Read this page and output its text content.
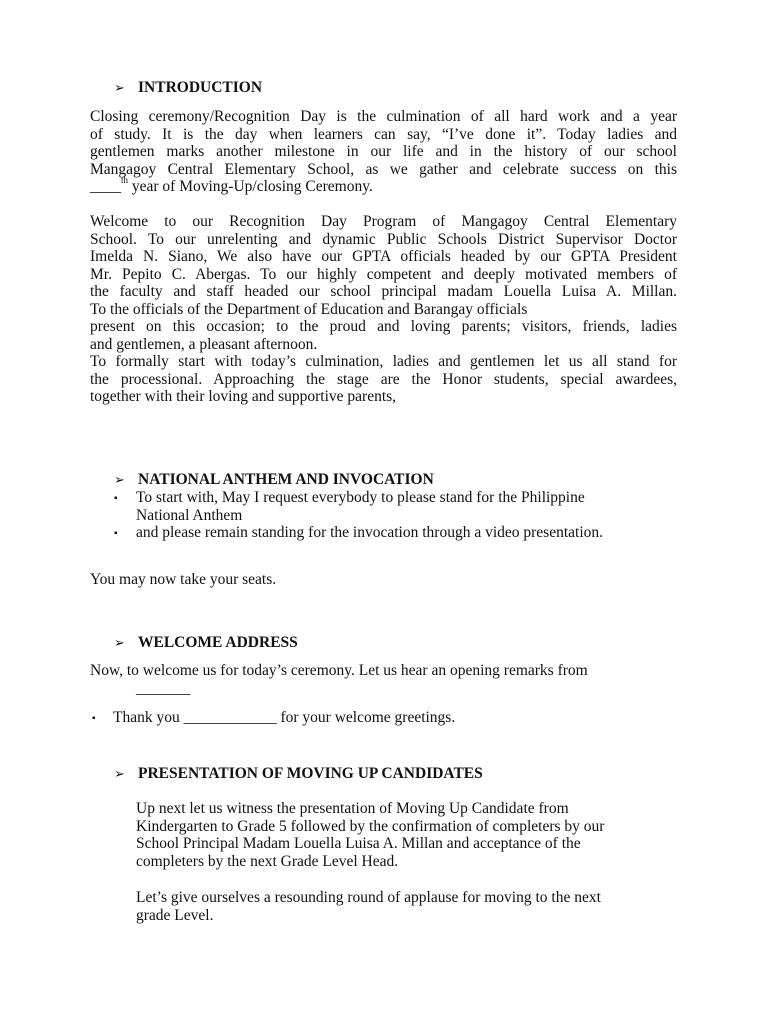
➢ INTRODUCTION
Closing ceremony/Recognition Day is the culmination of all hard work and a year
of study. It is the day when learners can say, “I’ve done it”. Today ladies and
gentlemen marks another milestone in our life and in the history of our school
Mangagoy Central Elementary School, as we gather and celebrate success on this
____$^{th}$ year of Moving-Up/closing Ceremony.
Welcome to our Recognition Day Program of Mangagoy Central Elementary
School. To our unrelenting and dynamic Public Schools District Supervisor Doctor
Imelda N. Siano, We also have our GPTA officials headed by our GPTA President
Mr. Pepito C. Abergas. To our highly competent and deeply motivated members of
the faculty and staff headed our school principal madam Louella Luisa A. Millan.
To the officials of the Department of Education and Barangay officials
present on this occasion; to the proud and loving parents; visitors, friends, ladies
and gentlemen, a pleasant afternoon.
To formally start with today’s culmination, ladies and gentlemen let us all stand for
the processional. Approaching the stage are the Honor students, special awardees,
together with their loving and supportive parents,
➢ NATIONAL ANTHEM AND INVOCATION
▪ To start with, May I request everybody to please stand for the Philippine
National Anthem
▪ and please remain standing for the invocation through a video presentation.
You may now take your seats.
➢ WELCOME ADDRESS
Now, to welcome us for today’s ceremony. Let us hear an opening remarks from
_______
▪ Thank you ____________ for your welcome greetings.
➢ PRESENTATION OF MOVING UP CANDIDATES
Up next let us witness the presentation of Moving Up Candidate from
Kindergarten to Grade 5 followed by the confirmation of completers by our
School Principal Madam Louella Luisa A. Millan and acceptance of the
completers by the next Grade Level Head.
Let’s give ourselves a resounding round of applause for moving to the next
grade Level.
